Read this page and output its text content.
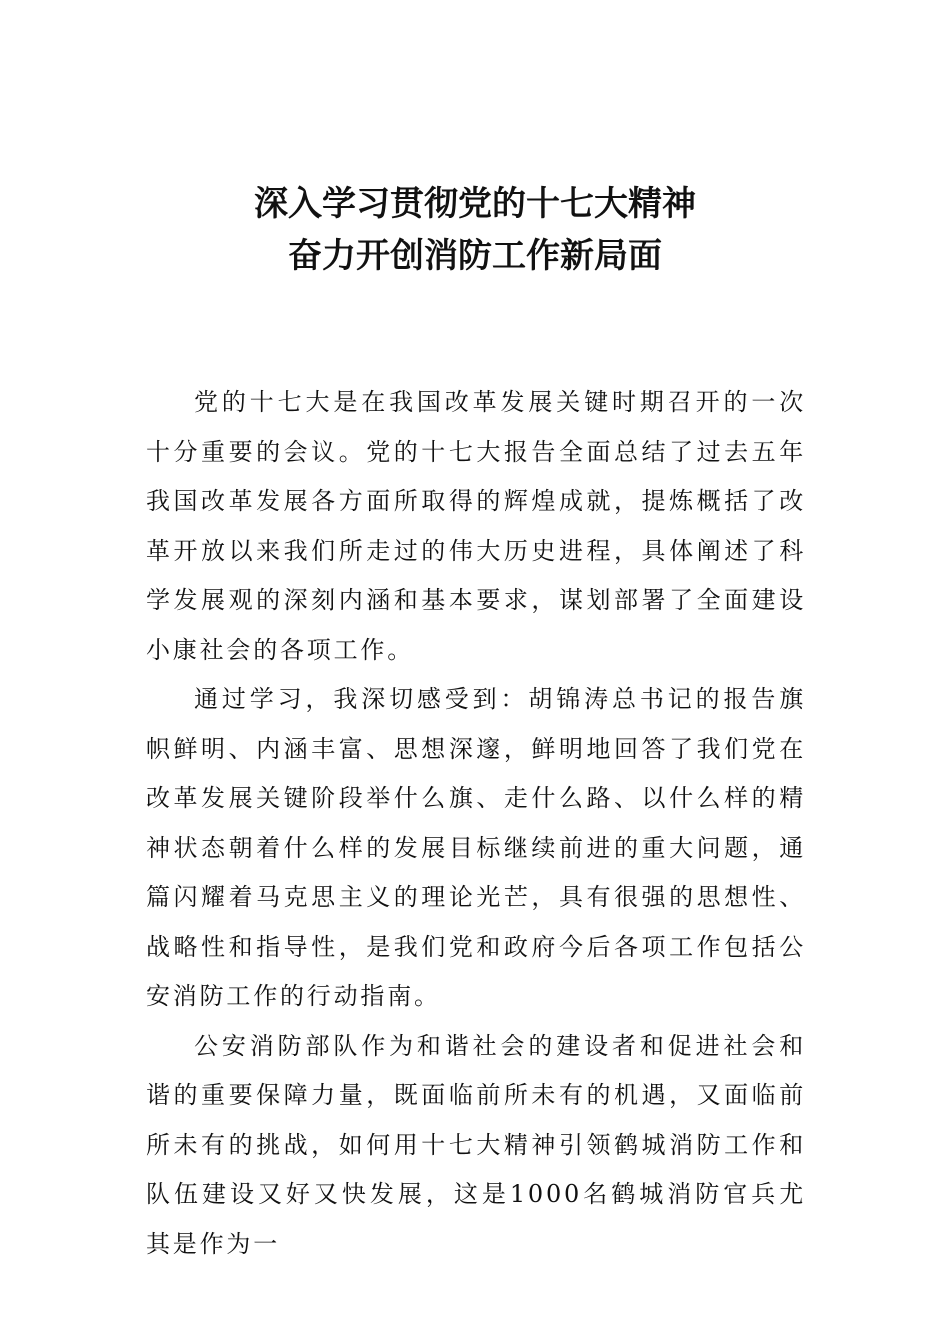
深入学习贯彻党的十七大精神
奋力开创消防工作新局面

党的十七大是在我国改革发展关键时期召开的一次十分重要的会议。党的十七大报告全面总结了过去五年我国改革发展各方面所取得的辉煌成就，提炼概括了改革开放以来我们所走过的伟大历史进程，具体阐述了科学发展观的深刻内涵和基本要求，谋划部署了全面建设小康社会的各项工作。

通过学习，我深切感受到：胡锦涛总书记的报告旗帜鲜明、内涵丰富、思想深邃，鲜明地回答了我们党在改革发展关键阶段举什么旗、走什么路、以什么样的精神状态朝着什么样的发展目标继续前进的重大问题，通篇闪耀着马克思主义的理论光芒，具有很强的思想性、战略性和指导性，是我们党和政府今后各项工作包括公安消防工作的行动指南。

公安消防部队作为和谐社会的建设者和促进社会和谐的重要保障力量，既面临前所未有的机遇，又面临前所未有的挑战，如何用十七大精神引领鹤城消防工作和队伍建设又好又快发展，这是1000名鹤城消防官兵尤其是作为一
